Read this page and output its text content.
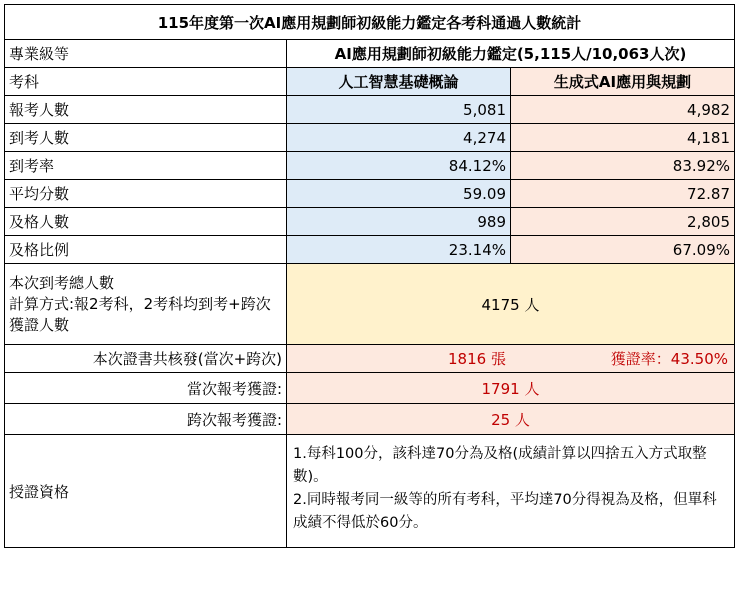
115年度第一次AI應用規劃師初級能力鑑定各考科通過人數統計		
專業級等	AI應用規劃師初級能力鑑定(5,115人/10,063人次)	
考科	人工智慧基礎概論	生成式AI應用與規劃
報考人數	5,081	4,982
到考人數	4,274	4,181
到考率	84.12%	83.92%
平均分數	59.09	72.87
及格人數	989	2,805
及格比例	23.14%	67.09%
本次到考總人數
計算方式:報2考科，2考科均到考+跨次獲證人數	4175 人	
本次證書共核發(當次+跨次)	1816 張 獲證率：43.50%	

當次報考獲證:	1791 人	
跨次報考獲證:	25 人	
授證資格	1.每科100分，該科達70分為及格(成績計算以四捨五入方式取整數)。
2.同時報考同一級等的所有考科，平均達70分得視為及格，但單科成績不得低於60分。	
